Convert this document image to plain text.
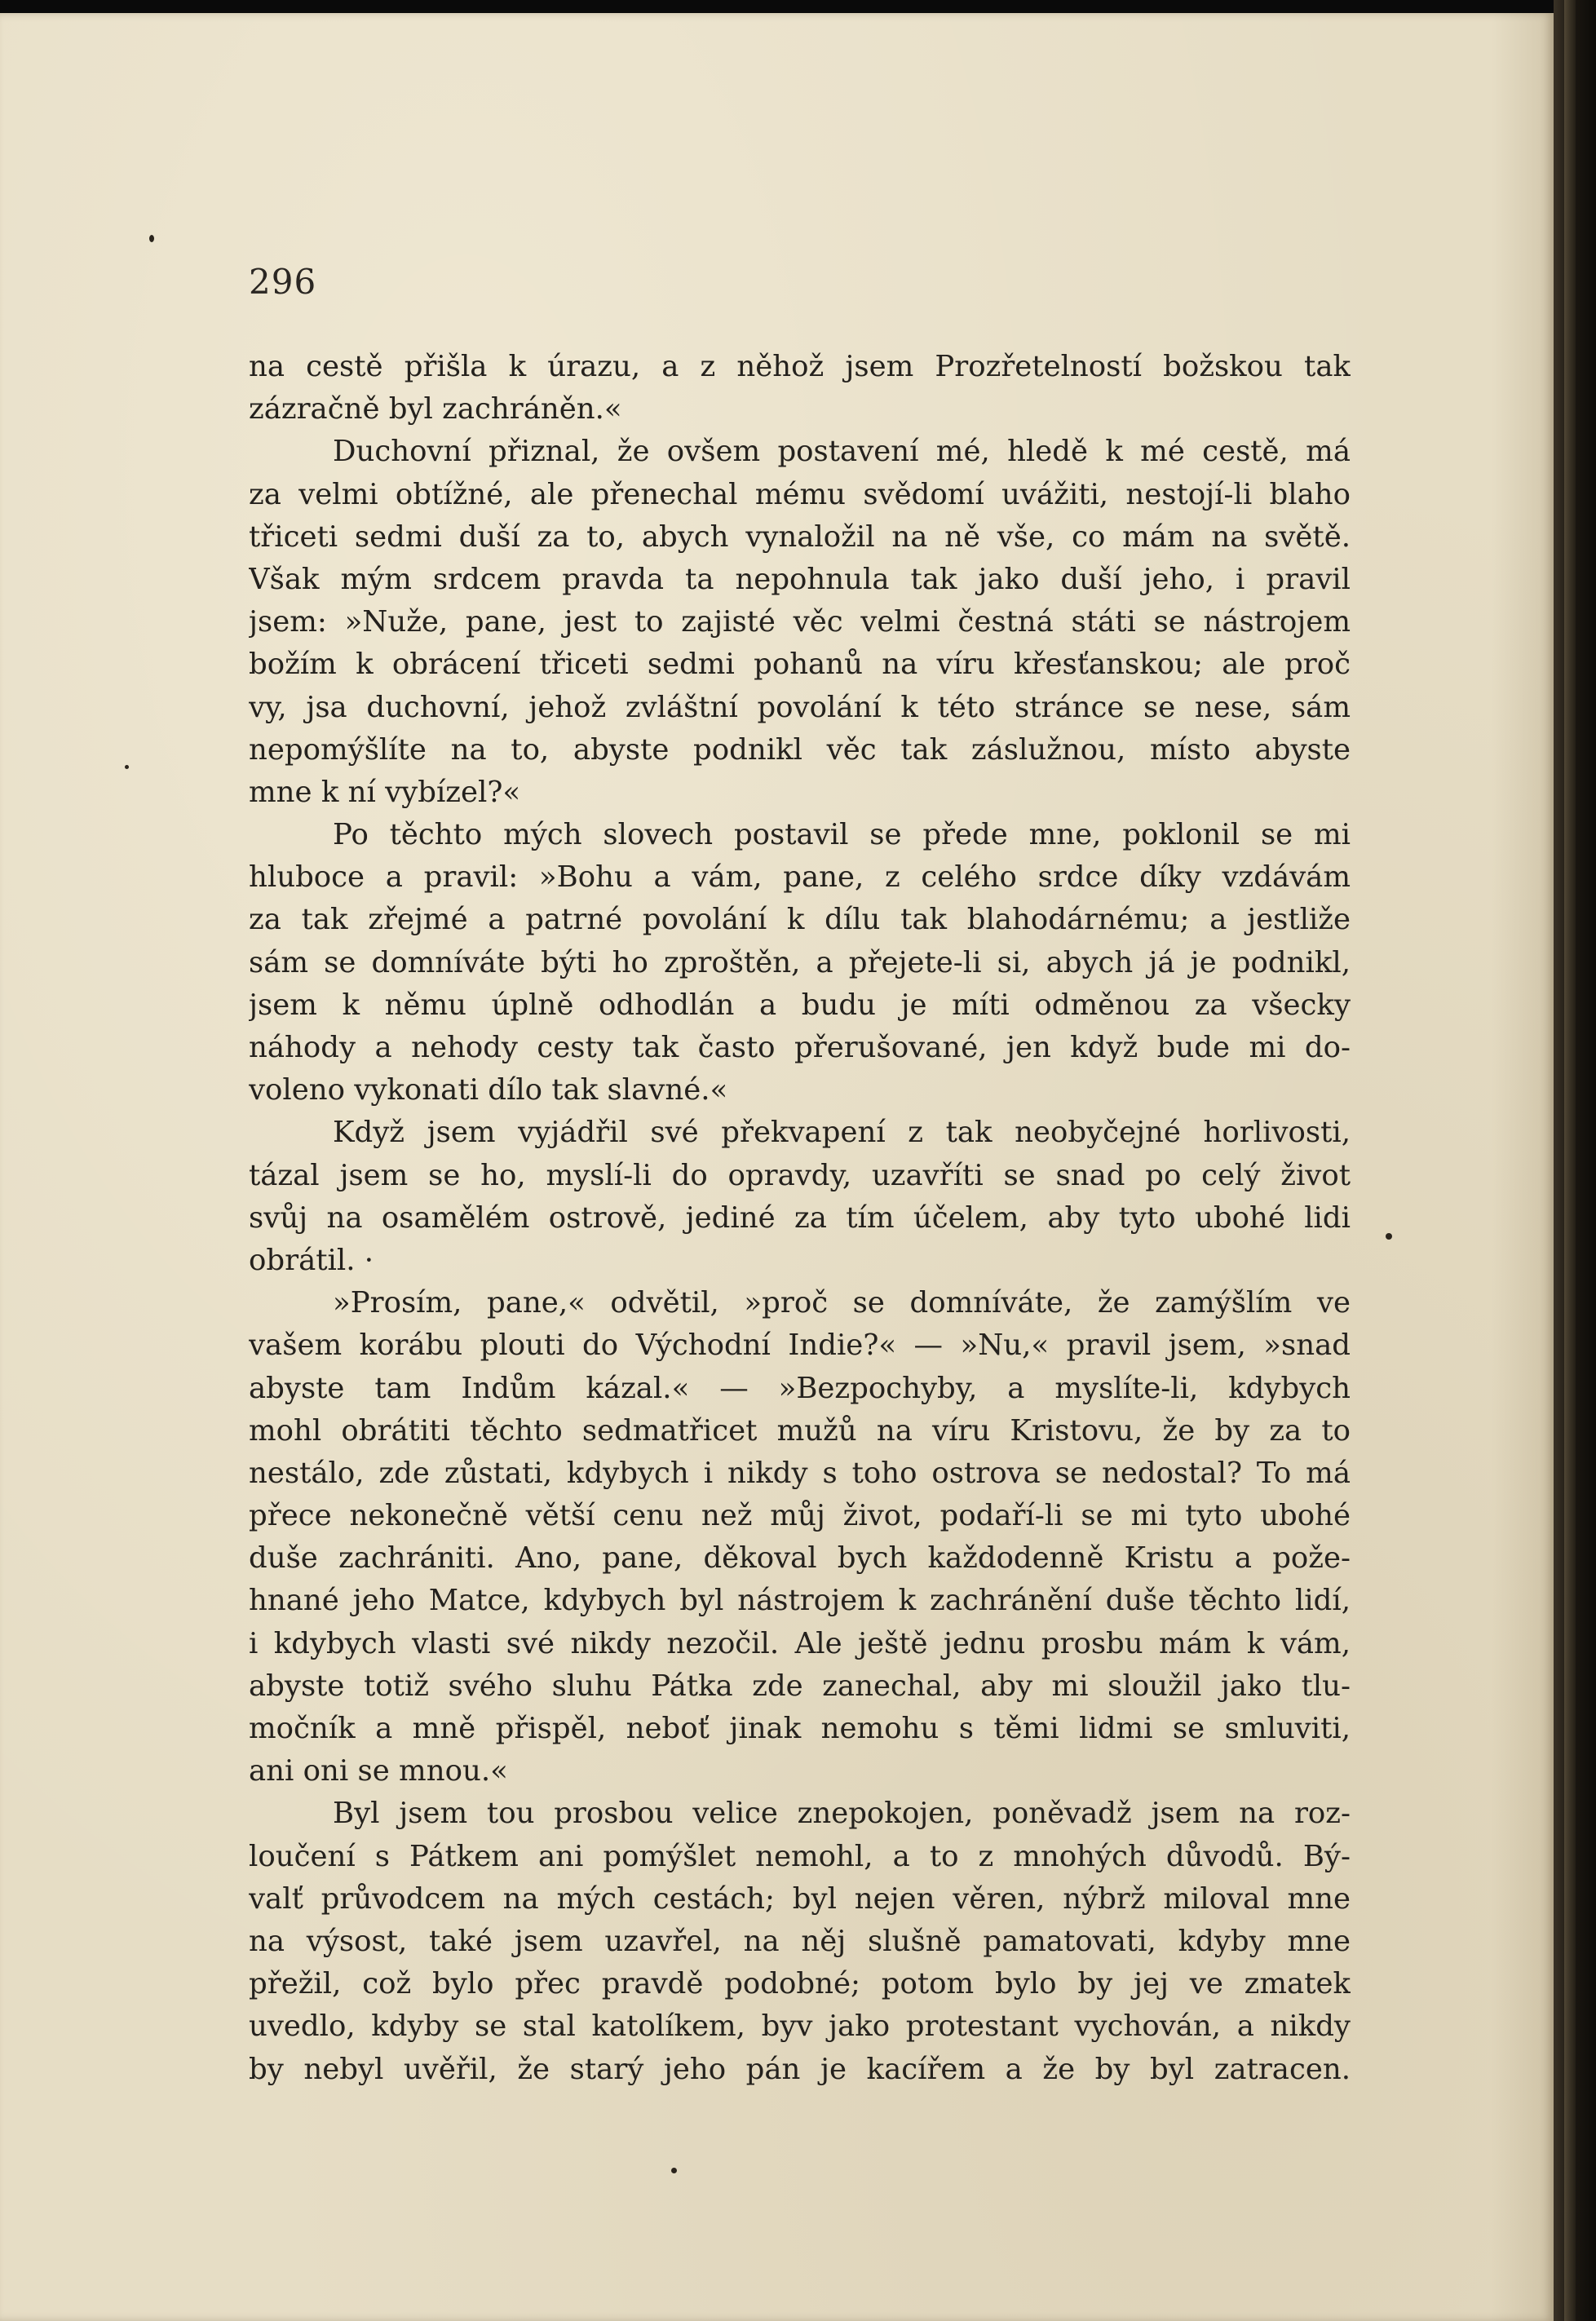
296
na cestě přišla k úrazu, a z něhož jsem Prozřetelností božskou tak
zázračně byl zachráněn.«
Duchovní přiznal, že ovšem postavení mé, hledě k mé cestě, má
za velmi obtížné, ale přenechal mému svědomí uvážiti, nestojí-li blaho
třiceti sedmi duší za to, abych vynaložil na ně vše, co mám na světě.
Však mým srdcem pravda ta nepohnula tak jako duší jeho, i pravil
jsem: »Nuže, pane, jest to zajisté věc velmi čestná státi se nástrojem
božím k obrácení třiceti sedmi pohanů na víru křesťanskou; ale proč
vy, jsa duchovní, jehož zvláštní povolání k této stránce se nese, sám
nepomýšlíte na to, abyste podnikl věc tak záslužnou, místo abyste
mne k ní vybízel?«
Po těchto mých slovech postavil se přede mne, poklonil se mi
hluboce a pravil: »Bohu a vám, pane, z celého srdce díky vzdávám
za tak zřejmé a patrné povolání k dílu tak blahodárnému; a jestliže
sám se domníváte býti ho zproštěn, a přejete-li si, abych já je podnikl,
jsem k němu úplně odhodlán a budu je míti odměnou za všecky
náhody a nehody cesty tak často přerušované, jen když bude mi do-
voleno vykonati dílo tak slavné.«
Když jsem vyjádřil své překvapení z tak neobyčejné horlivosti,
tázal jsem se ho, myslí-li do opravdy, uzavříti se snad po celý život
svůj na osamělém ostrově, jediné za tím účelem, aby tyto ubohé lidi
obrátil. ·
»Prosím, pane,« odvětil, »proč se domníváte, že zamýšlím ve
vašem korábu plouti do Východní Indie?« — »Nu,« pravil jsem, »snad
abyste tam Indům kázal.« — »Bezpochyby, a myslíte-li, kdybych
mohl obrátiti těchto sedmatřicet mužů na víru Kristovu, že by za to
nestálo, zde zůstati, kdybych i nikdy s toho ostrova se nedostal? To má
přece nekonečně větší cenu než můj život, podaří-li se mi tyto ubohé
duše zachrániti. Ano, pane, děkoval bych každodenně Kristu a požе-
hnané jeho Matce, kdybych byl nástrojem k zachránění duše těchto lidí,
i kdybych vlasti své nikdy nezočil. Ale ještě jednu prosbu mám k vám,
abyste totiž svého sluhu Pátka zde zanechal, aby mi sloužil jako tlu-
močník a mně přispěl, neboť jinak nemohu s těmi lidmi se smluviti,
ani oni se mnou.«
Byl jsem tou prosbou velice znepokojen, poněvadž jsem na roz-
loučení s Pátkem ani pomýšlet nemohl, a to z mnohých důvodů. Bý-
valť průvodcem na mých cestách; byl nejen věren, nýbrž miloval mne
na výsost, také jsem uzavřel, na něj slušně pamatovati, kdyby mne
přežil, což bylo přec pravdě podobné; potom bylo by jej ve zmatek
uvedlo, kdyby se stal katolíkem, byv jako protestant vychován, a nikdy
by nebyl uvěřil, že starý jeho pán je kacířem a že by byl zatracen.
